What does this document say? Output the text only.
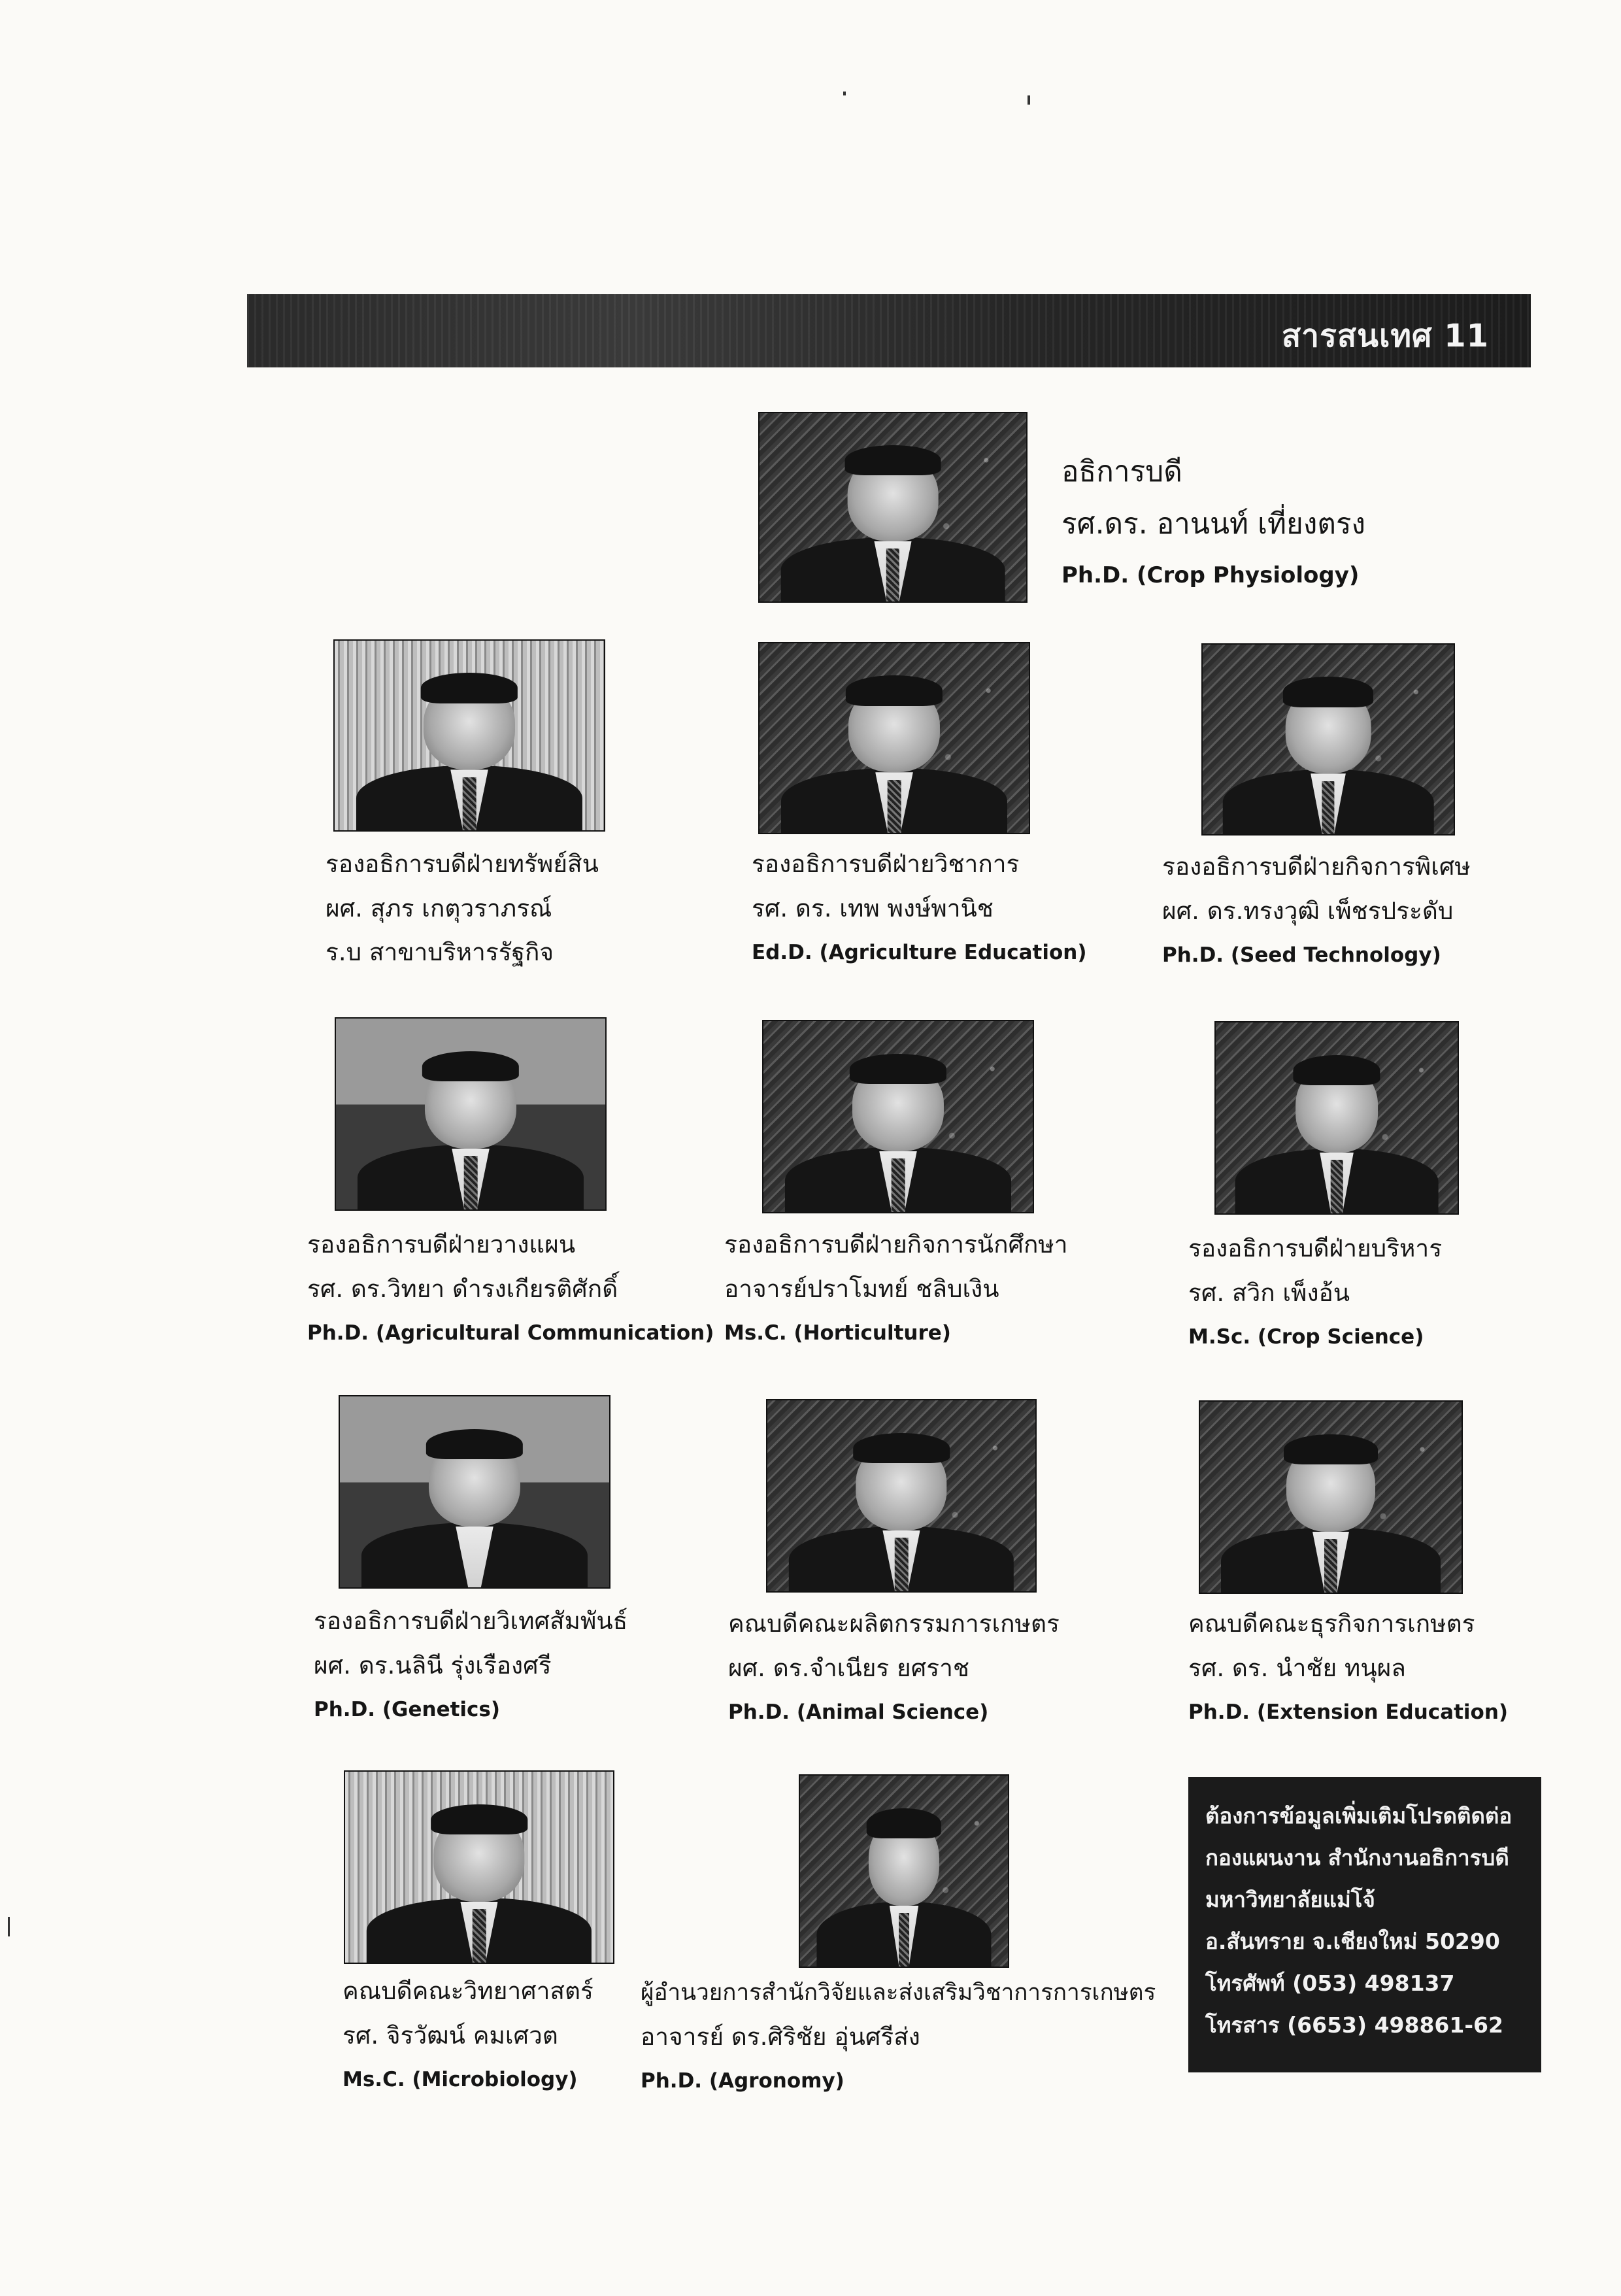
สารสนเทศ 11
อธิการบดี
รศ.ดร. อานนท์ เที่ยงตรง
Ph.D. (Crop Physiology)
รองอธิการบดีฝ่ายทรัพย์สิน
ผศ. สุภร เกตุวราภรณ์
ร.บ สาขาบริหารรัฐกิจ
รองอธิการบดีฝ่ายวิชาการ
รศ. ดร. เทพ พงษ์พานิช
Ed.D. (Agriculture Education)
รองอธิการบดีฝ่ายกิจการพิเศษ
ผศ. ดร.ทรงวุฒิ เพ็ชรประดับ
Ph.D. (Seed Technology)
รองอธิการบดีฝ่ายวางแผน
รศ. ดร.วิทยา ดำรงเกียรติศักดิ์
Ph.D. (Agricultural Communication)
รองอธิการบดีฝ่ายกิจการนักศึกษา
อาจารย์ปราโมทย์ ชลิบเงิน
Ms.C. (Horticulture)
รองอธิการบดีฝ่ายบริหาร
รศ. สวิก เพ็งอ้น
M.Sc. (Crop Science)
รองอธิการบดีฝ่ายวิเทศสัมพันธ์
ผศ. ดร.นลินี รุ่งเรืองศรี
Ph.D. (Genetics)
คณบดีคณะผลิตกรรมการเกษตร
ผศ. ดร.จำเนียร ยศราช
Ph.D. (Animal Science)
คณบดีคณะธุรกิจการเกษตร
รศ. ดร. นำชัย ทนุผล
Ph.D. (Extension Education)
คณบดีคณะวิทยาศาสตร์
รศ. จิรวัฒน์ คมเศวต
Ms.C. (Microbiology)
ผู้อำนวยการสำนักวิจัยและส่งเสริมวิชาการการเกษตร
อาจารย์ ดร.ศิริชัย อุ่นศรีส่ง
Ph.D. (Agronomy)
ต้องการข้อมูลเพิ่มเติมโปรดติดต่อ
กองแผนงาน สำนักงานอธิการบดี
มหาวิทยาลัยแม่โจ้
อ.สันทราย จ.เชียงใหม่ 50290
โทรศัพท์ (053) 498137
โทรสาร (6653) 498861-62
